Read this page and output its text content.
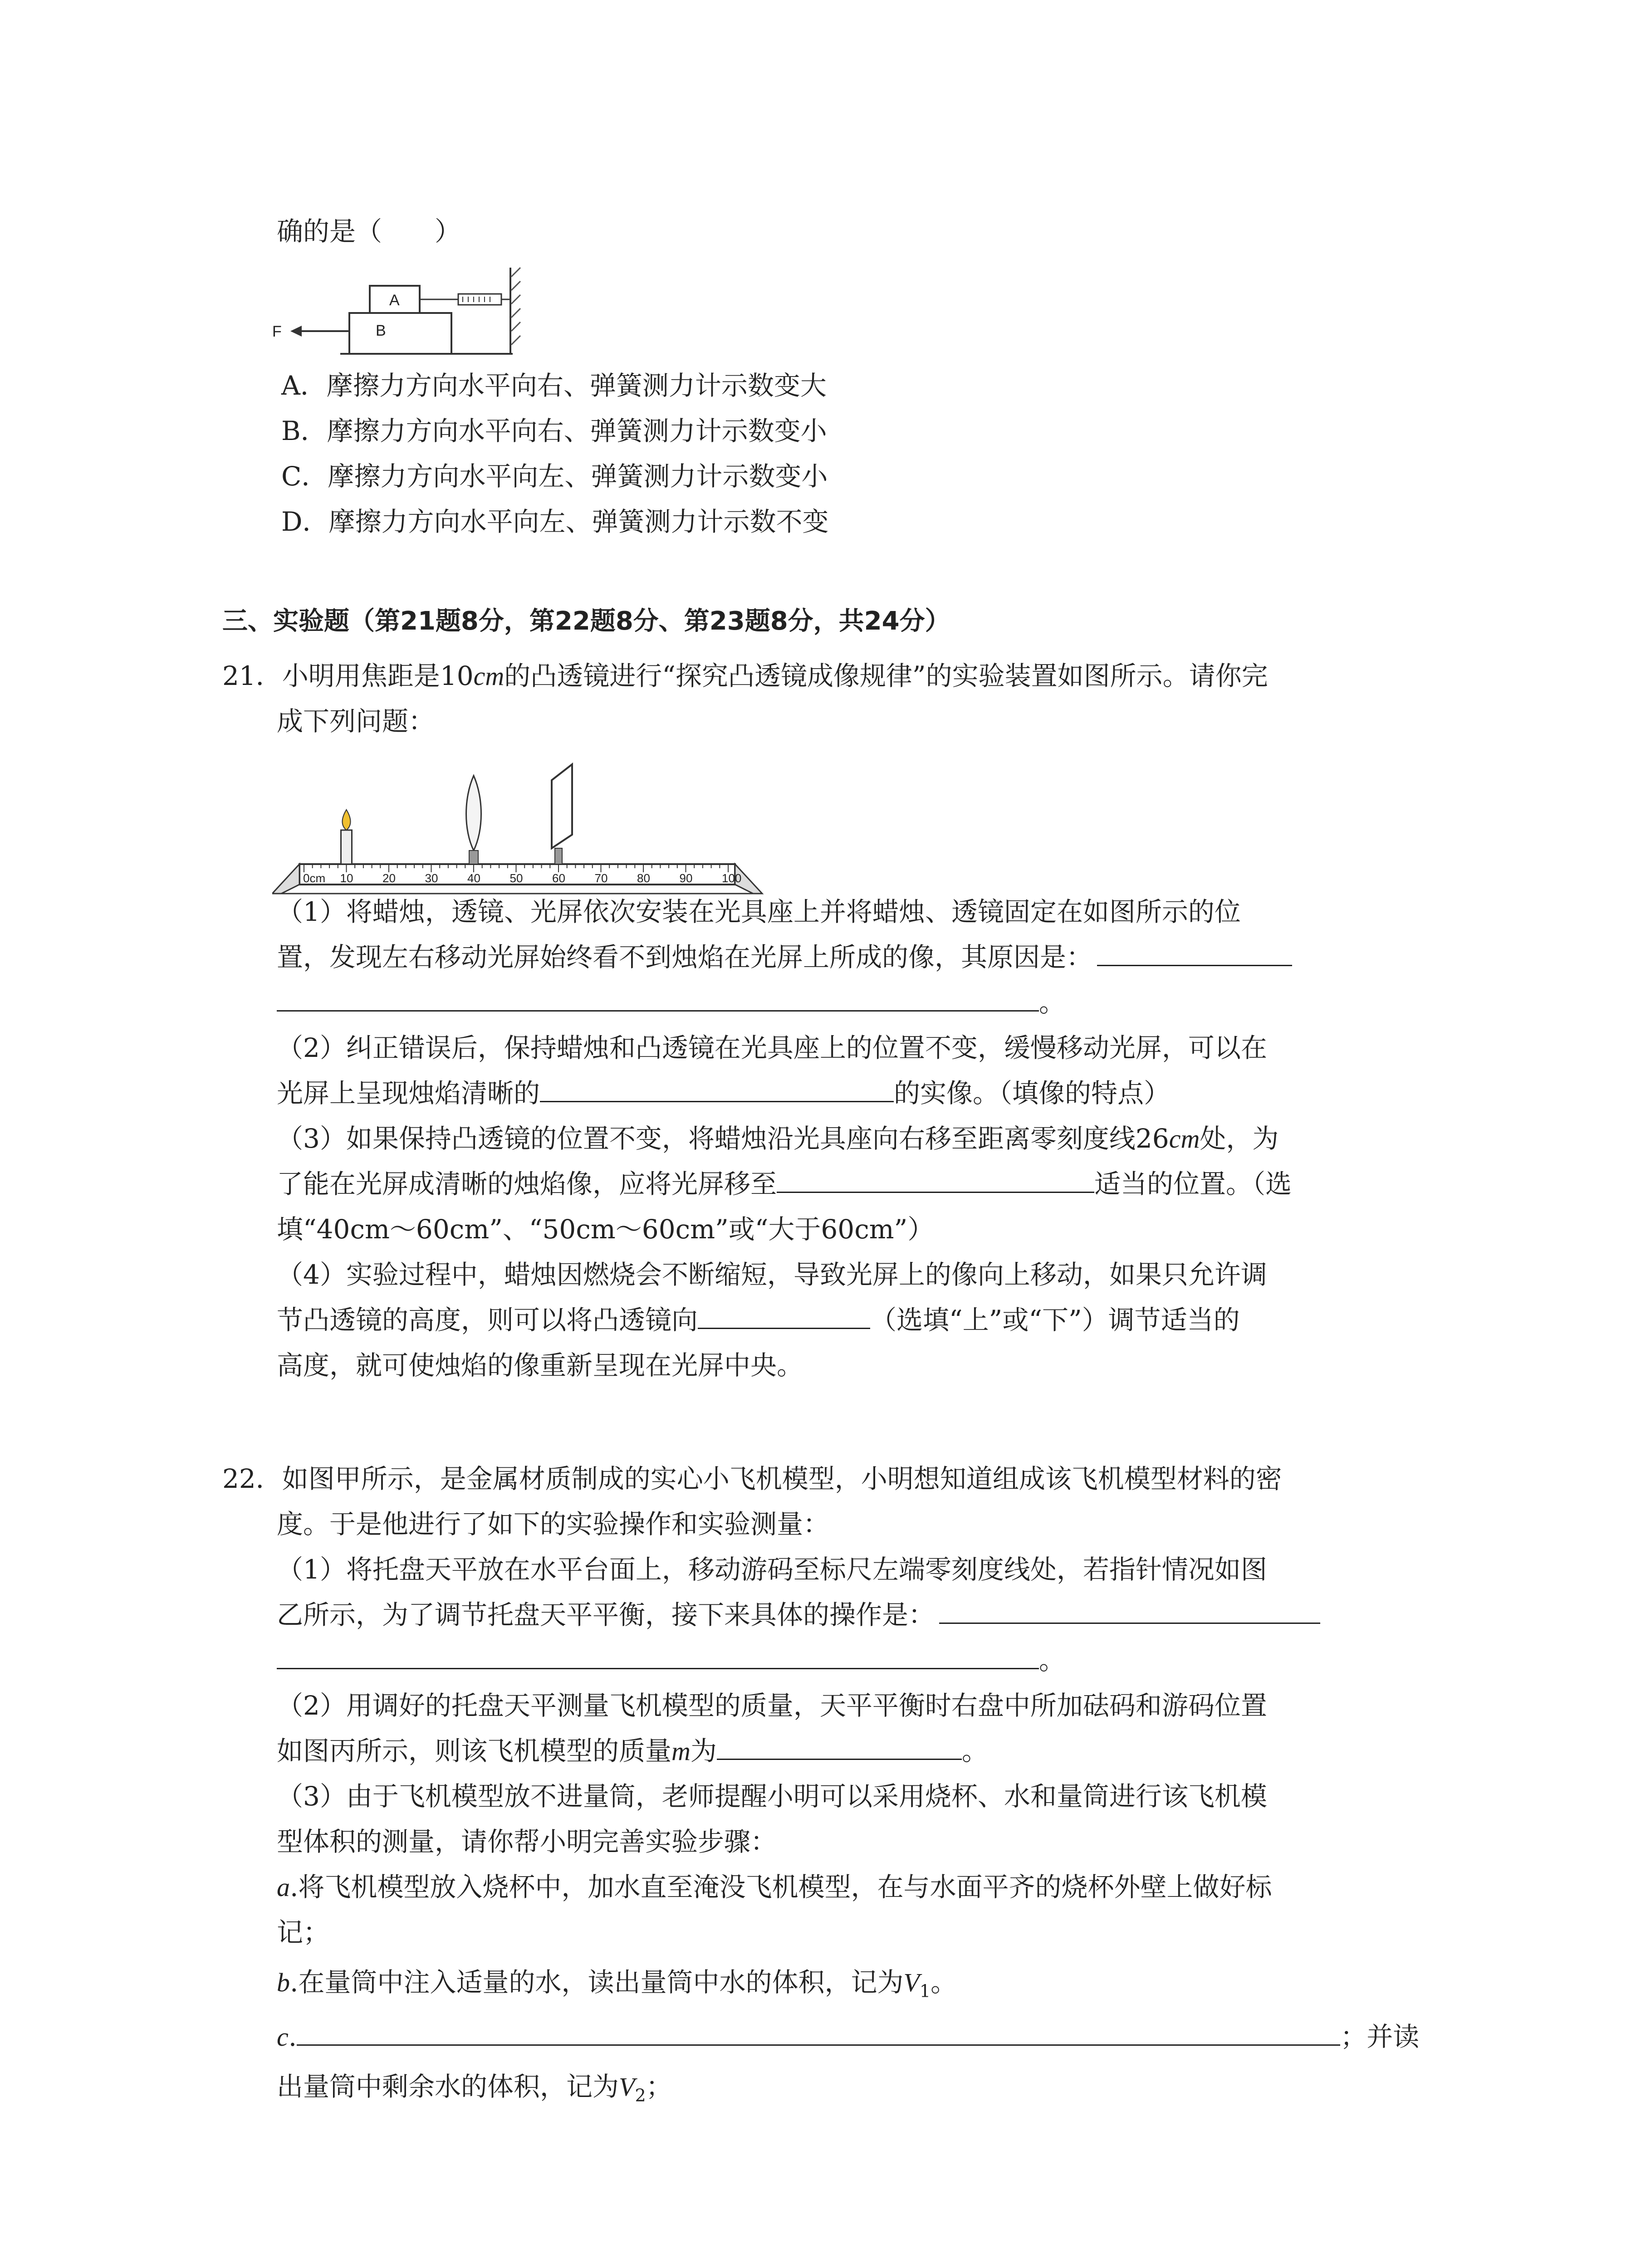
确的是（　　）
A
B
F
A．摩擦力方向水平向右、弹簧测力计示数变大
B．摩擦力方向水平向右、弹簧测力计示数变小
C．摩擦力方向水平向左、弹簧测力计示数变小
D．摩擦力方向水平向左、弹簧测力计示数不变
三、实验题（第21题8分，第22题8分、第23题8分，共24分）
21．小明用焦距是10cm的凸透镜进行“探究凸透镜成像规律”的实验装置如图所示。请你完
成下列问题：
0cm 10 20 30 40 50 60 70 80 90 100
（1）将蜡烛，透镜、光屏依次安装在光具座上并将蜡烛、透镜固定在如图所示的位
置，发现左右移动光屏始终看不到烛焰在光屏上所成的像，其原因是：
。
（2）纠正错误后，保持蜡烛和凸透镜在光具座上的位置不变，缓慢移动光屏，可以在
光屏上呈现烛焰清晰的	的实像。（填像的特点）
（3）如果保持凸透镜的位置不变，将蜡烛沿光具座向右移至距离零刻度线26cm处，为
了能在光屏成清晰的烛焰像，应将光屏移至	适当的位置。（选
填“40cm～60cm”、“50cm～60cm”或“大于60cm”）
（4）实验过程中，蜡烛因燃烧会不断缩短，导致光屏上的像向上移动，如果只允许调
节凸透镜的高度，则可以将凸透镜向	（选填“上”或“下”）调节适当的
高度，就可使烛焰的像重新呈现在光屏中央。
22．如图甲所示，是金属材质制成的实心小飞机模型，小明想知道组成该飞机模型材料的密
度。于是他进行了如下的实验操作和实验测量：
（1）将托盘天平放在水平台面上，移动游码至标尺左端零刻度线处，若指针情况如图
乙所示，为了调节托盘天平平衡，接下来具体的操作是：
。
（2）用调好的托盘天平测量飞机模型的质量，天平平衡时右盘中所加砝码和游码位置
如图丙所示，则该飞机模型的质量m为	。
（3）由于飞机模型放不进量筒，老师提醒小明可以采用烧杯、水和量筒进行该飞机模
型体积的测量，请你帮小明完善实验步骤：
a.将飞机模型放入烧杯中，加水直至淹没飞机模型，在与水面平齐的烧杯外壁上做好标
记；
b.在量筒中注入适量的水，读出量筒中水的体积，记为$V_1$。
c.	；并读
出量筒中剩余水的体积，记为$V_2$；
